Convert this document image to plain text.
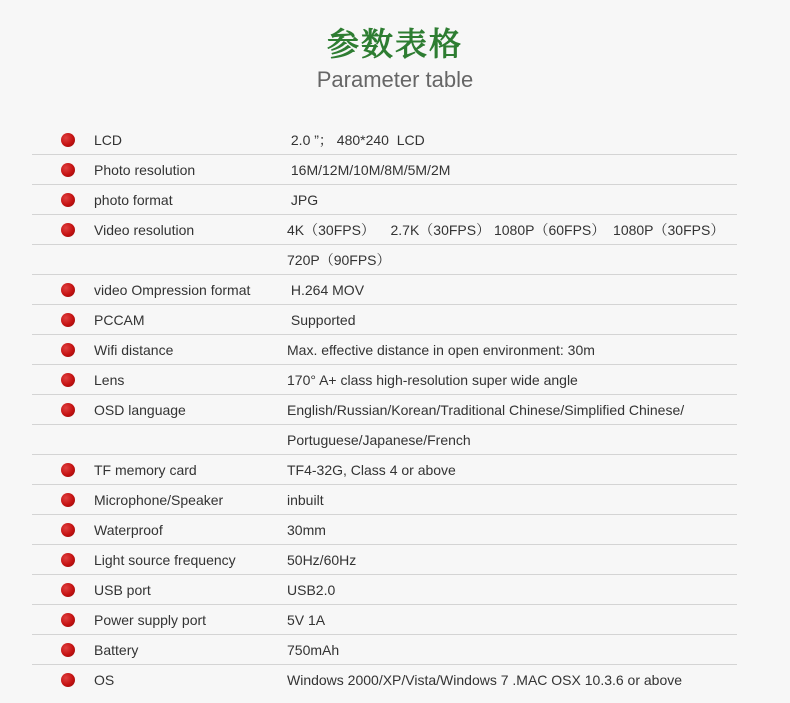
参数表格
Parameter table
LCD	2.0 ”； 480*240  LCD
Photo resolution	16M/12M/10M/8M/5M/2M
photo format	JPG
Video resolution	4K（30FPS）    2.7K（30FPS） 1080P（60FPS）  1080P（30FPS）
720P（90FPS）
video Ompression format	H.264 MOV
PCCAM	Supported
Wifi distance	Max. effective distance in open environment: 30m
Lens	170° A+ class high-resolution super wide angle
OSD language	English/Russian/Korean/Traditional Chinese/Simplified Chinese/
Portuguese/Japanese/French
TF memory card	TF4-32G, Class 4 or above
Microphone/Speaker	inbuilt
Waterproof	30mm
Light source frequency	50Hz/60Hz
USB port	USB2.0
Power supply port	5V 1A
Battery	750mAh
OS	Windows 2000/XP/Vista/Windows 7 .MAC OSX 10.3.6 or above
